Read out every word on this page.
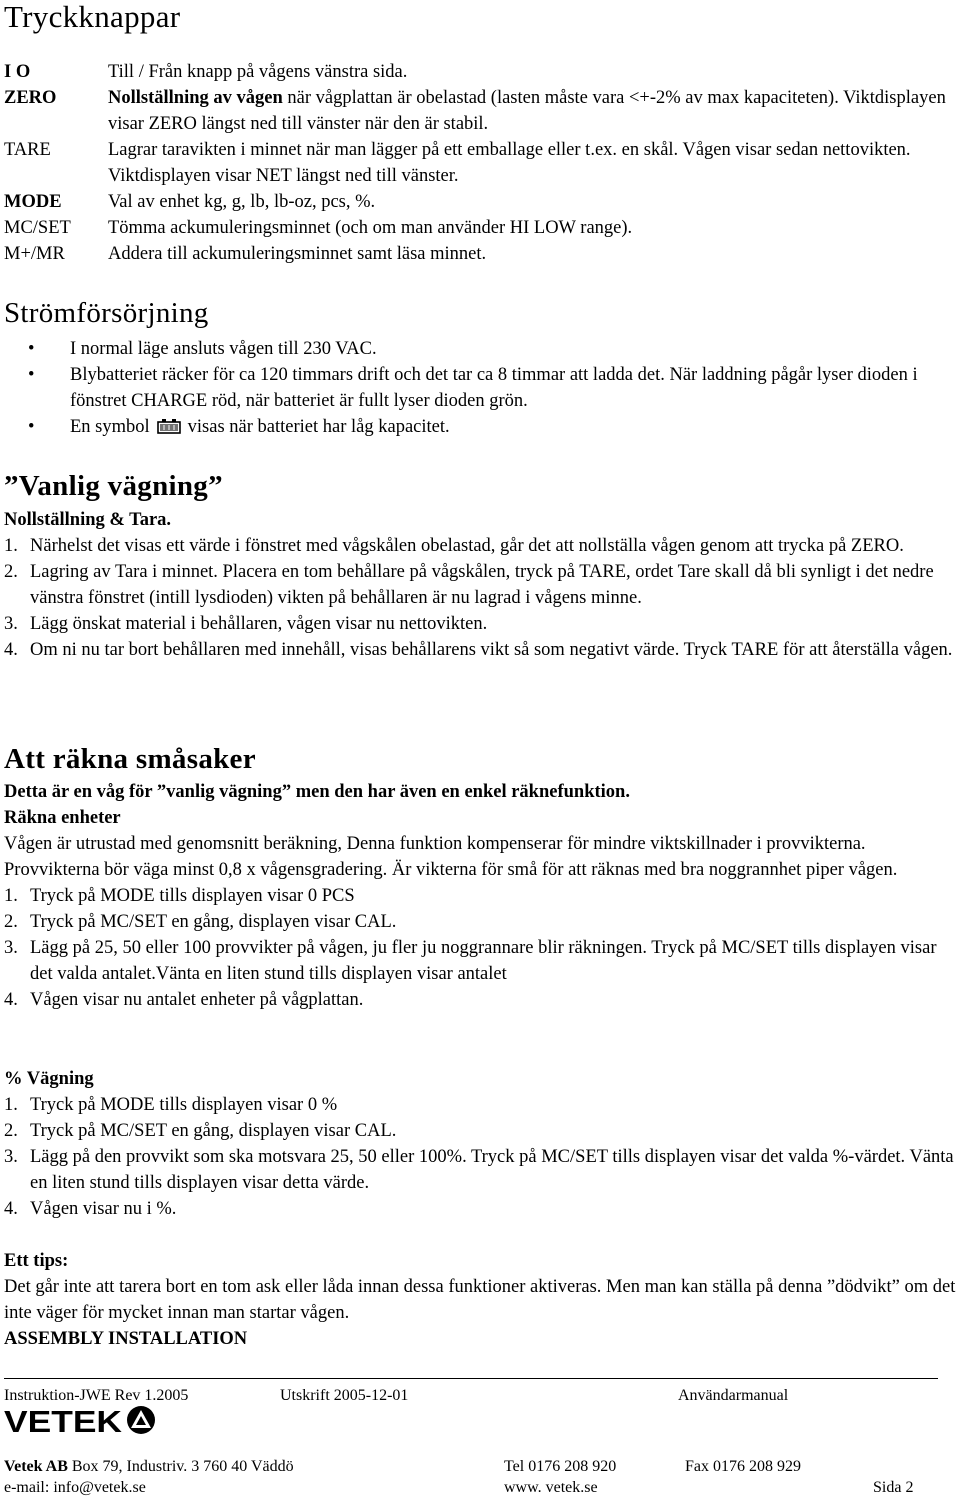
Tryckknappar
I O	Till / Från knapp på vågens vänstra sida.
ZERO	Nollställning av vågen när vågplattan är obelastad (lasten måste vara <+-2% av max kapaciteten). Viktdisplayen visar ZERO längst ned till vänster när den är stabil.
TARE	Lagrar taravikten i minnet när man lägger på ett emballage eller t.ex. en skål. Vågen visar sedan nettovikten. Viktdisplayen visar NET längst ned till vänster.
MODE	Val av enhet kg, g, lb, lb-oz, pcs, %.
MC/SET	Tömma ackumuleringsminnet (och om man använder HI LOW range).
M+/MR	Addera till ackumuleringsminnet samt läsa minnet.
Strömförsörjning
•	I normal läge ansluts vågen till 230 VAC.
•	Blybatteriet räcker för ca 120 timmars drift och det tar ca 8 timmar att ladda det. När laddning pågår lyser dioden i fönstret CHARGE röd, när batteriet är fullt lyser dioden grön.
•	En symbol visas när batteriet har låg kapacitet.
”Vanlig vägning”

Nollställning & Tara.

1. Närhelst det visas ett värde i fönstret med vågskålen obelastad, går det att nollställa vågen genom att trycka på ZERO.
2. Lagring av Tara i minnet. Placera en tom behållare på vågskålen, tryck på TARE, ordet Tare skall då bli synligt i det nedre vänstra fönstret (intill lysdioden) vikten på behållaren är nu lagrad i vågens minne.
3. Lägg önskat material i behållaren, vågen visar nu nettovikten.
4. Om ni nu tar bort behållaren med innehåll, visas behållarens vikt så som negativt värde. Tryck TARE för att återställa vågen.
Att räkna småsaker

Detta är en våg för ”vanlig vägning” men den har även en enkel räknefunktion.

Räkna enheter

Vågen är utrustad med genomsnitt beräkning, Denna funktion kompenserar för mindre viktskillnader i provvikterna. Provvikterna bör väga minst 0,8 x vågensgradering. Är vikterna för små för att räknas med bra noggrannhet piper vågen.

1. Tryck på MODE tills displayen visar 0 PCS
2. Tryck på MC/SET en gång, displayen visar CAL.
3. Lägg på 25, 50 eller 100 provvikter på vågen, ju fler ju noggrannare blir räkningen. Tryck på MC/SET tills displayen visar det valda antalet.Vänta en liten stund tills displayen visar antalet
4. Vågen visar nu antalet enheter på vågplattan.

% Vägning

1. Tryck på MODE tills displayen visar 0 %
2. Tryck på MC/SET en gång, displayen visar CAL.
3. Lägg på den provvikt som ska motsvara 25, 50 eller 100%. Tryck på MC/SET tills displayen visar det valda %-värdet. Vänta en liten stund tills displayen visar detta värde.
4. Vågen visar nu i %.

Ett tips:

Det går inte att tarera bort en tom ask eller låda innan dessa funktioner aktiveras. Men man kan ställa på denna ”dödvikt” om det inte väger för mycket innan man startar vågen.

ASSEMBLY INSTALLATION

Instruktion-JWE Rev 1.2005	Utskrift 2005-12-01	Användarmanual
VETEK
Vetek AB Box 79, Industriv. 3 760 40 Väddö	Tel 0176 208 920	Fax 0176 208 929
e-mail: info@vetek.se	www. vetek.se	Sida 2
